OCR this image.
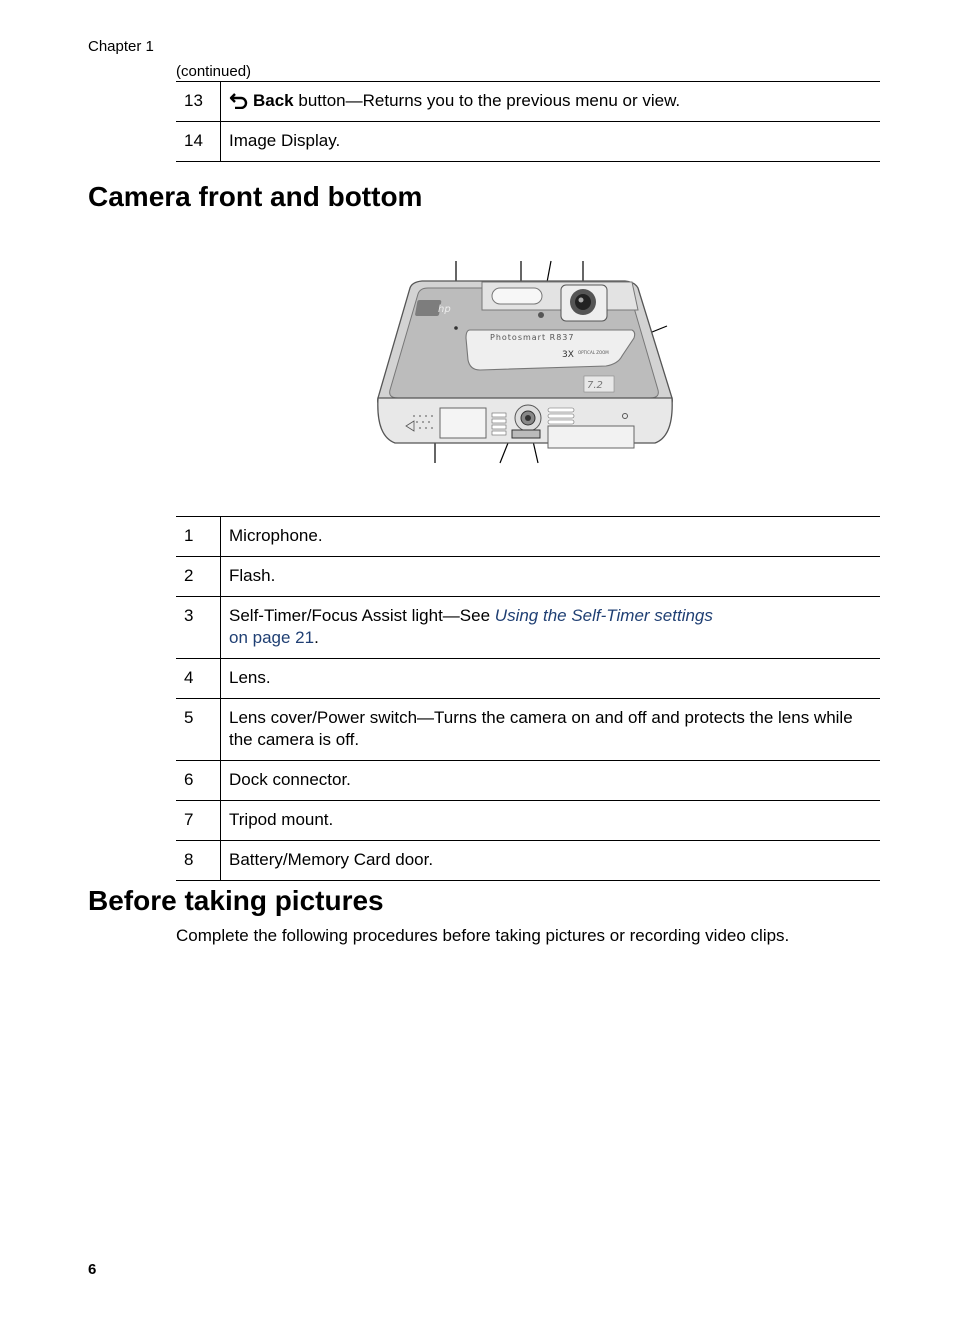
Chapter 1
(continued)
13	Back button—Returns you to the previous menu or view.
14	Image Display.
Camera front and bottom
hp
Photosmart R837
3X OPTICAL ZOOM
7.2
1	Microphone.
2	Flash.
3	Self-Timer/Focus Assist light—See Using the Self-Timer settings
on page 21.
4	Lens.
5	Lens cover/Power switch—Turns the camera on and off and protects the lens while the camera is off.
6	Dock connector.
7	Tripod mount.
8	Battery/Memory Card door.
Before taking pictures
Complete the following procedures before taking pictures or recording video clips.
6
